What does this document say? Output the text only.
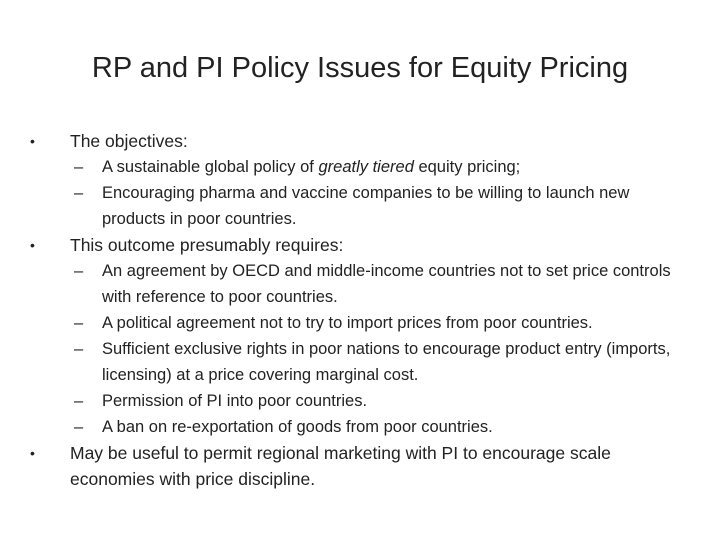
RP and PI Policy Issues for Equity Pricing
• The objectives:
– A sustainable global policy of greatly tiered equity pricing;
– Encouraging pharma and vaccine companies to be willing to launch new products in poor countries.
• This outcome presumably requires:
– An agreement by OECD and middle-income countries not to set price controls with reference to poor countries.
– A political agreement not to try to import prices from poor countries.
– Sufficient exclusive rights in poor nations to encourage product entry (imports, licensing) at a price covering marginal cost.
– Permission of PI into poor countries.
– A ban on re-exportation of goods from poor countries.
• May be useful to permit regional marketing with PI to encourage scale economies with price discipline.
